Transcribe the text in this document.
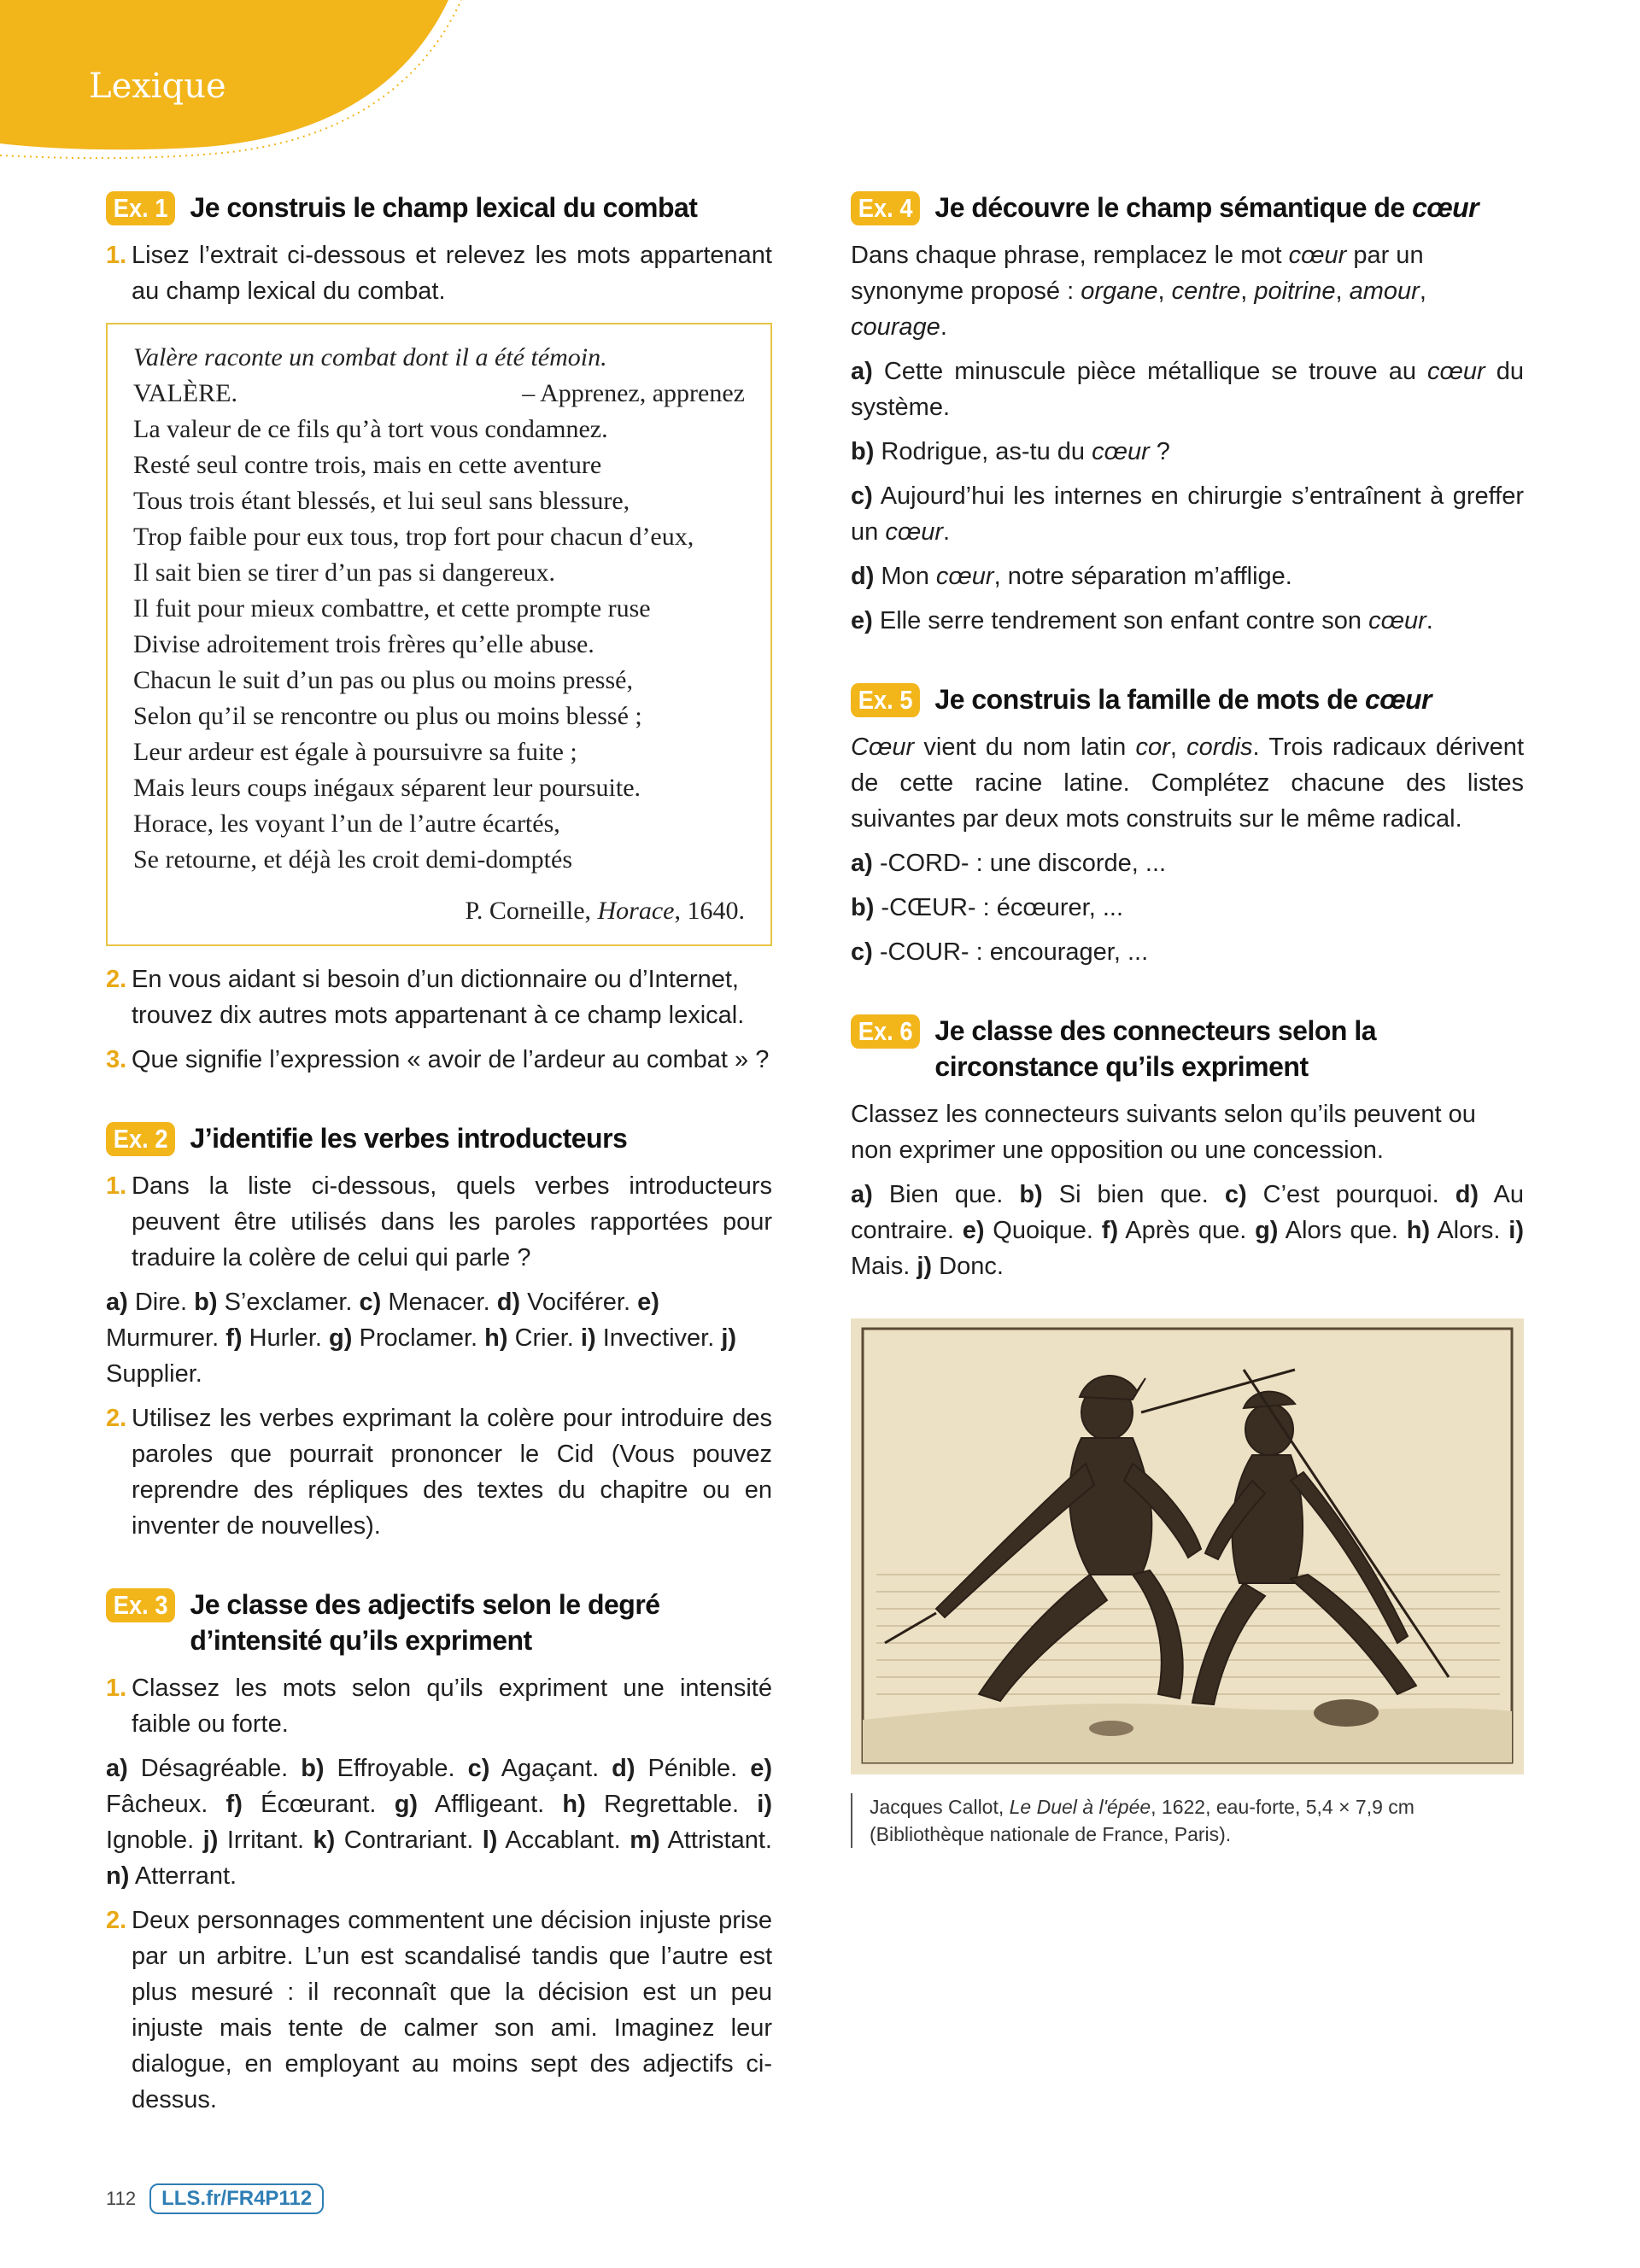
Lexique
Ex. 1 Je construis le champ lexical du combat
1. Lisez l’extrait ci-dessous et relevez les mots appartenant au champ lexical du combat.
Valère raconte un combat dont il a été témoin.
VALÈRE.	– Apprenez, apprenez
La valeur de ce fils qu’à tort vous condamnez.
Resté seul contre trois, mais en cette aventure
Tous trois étant blessés, et lui seul sans blessure,
Trop faible pour eux tous, trop fort pour chacun d’eux,
Il sait bien se tirer d’un pas si dangereux.
Il fuit pour mieux combattre, et cette prompte ruse
Divise adroitement trois frères qu’elle abuse.
Chacun le suit d’un pas ou plus ou moins pressé,
Selon qu’il se rencontre ou plus ou moins blessé ;
Leur ardeur est égale à poursuivre sa fuite ;
Mais leurs coups inégaux séparent leur poursuite.
Horace, les voyant l’un de l’autre écartés,
Se retourne, et déjà les croit demi-domptés
P. Corneille, Horace, 1640.
2. En vous aidant si besoin d’un dictionnaire ou d’Internet, trouvez dix autres mots appartenant à ce champ lexical.
3. Que signifie l’expression « avoir de l’ardeur au combat » ?
Ex. 2 J’identifie les verbes introducteurs
1. Dans la liste ci-dessous, quels verbes introducteurs peuvent être utilisés dans les paroles rapportées pour traduire la colère de celui qui parle ?

a) Dire. b) S’exclamer. c) Menacer. d) Vociférer. e) Murmurer. f) Hurler. g) Proclamer. h) Crier. i) Invectiver. j) Supplier.

2. Utilisez les verbes exprimant la colère pour introduire des paroles que pourrait prononcer le Cid (Vous pouvez reprendre des répliques des textes du chapitre ou en inventer de nouvelles).
Ex. 3 Je classe des adjectifs selon le degré d’intensité qu’ils expriment
1. Classez les mots selon qu’ils expriment une intensité faible ou forte.

a) Désagréable. b) Effroyable. c) Agaçant. d) Pénible. e) Fâcheux. f) Écœurant. g) Affligeant. h) Regrettable. i) Ignoble. j) Irritant. k) Contrariant. l) Accablant. m) Attristant. n) Atterrant.

2. Deux personnages commentent une décision injuste prise par un arbitre. L’un est scandalisé tandis que l’autre est plus mesuré : il reconnaît que la décision est un peu injuste mais tente de calmer son ami. Imaginez leur dialogue, en employant au moins sept des adjectifs ci-dessus.
Ex. 4 Je découvre le champ sémantique de cœur

Dans chaque phrase, remplacez le mot cœur par un synonyme proposé : organe, centre, poitrine, amour, courage.

a) Cette minuscule pièce métallique se trouve au cœur du système.

b) Rodrigue, as-tu du cœur ?

c) Aujourd’hui les internes en chirurgie s’entraînent à greffer un cœur.

d) Mon cœur, notre séparation m’afflige.

e) Elle serre tendrement son enfant contre son cœur.

Ex. 5 Je construis la famille de mots de cœur

Cœur vient du nom latin cor, cordis. Trois radicaux dérivent de cette racine latine. Complétez chacune des listes suivantes par deux mots construits sur le même radical.

a) -CORD- : une discorde, ...

b) -CŒUR- : écœurer, ...

c) -COUR- : encourager, ...

Ex. 6 Je classe des connecteurs selon la circonstance qu’ils expriment

Classez les connecteurs suivants selon qu’ils peuvent ou non exprimer une opposition ou une concession.

a) Bien que. b) Si bien que. c) C’est pourquoi. d) Au contraire. e) Quoique. f) Après que. g) Alors que. h) Alors. i) Mais. j) Donc.

Jacques Callot, Le Duel à l'épée, 1622, eau-forte, 5,4 × 7,9 cm
(Bibliothèque nationale de France, Paris).
112	LLS.fr/FR4P112
